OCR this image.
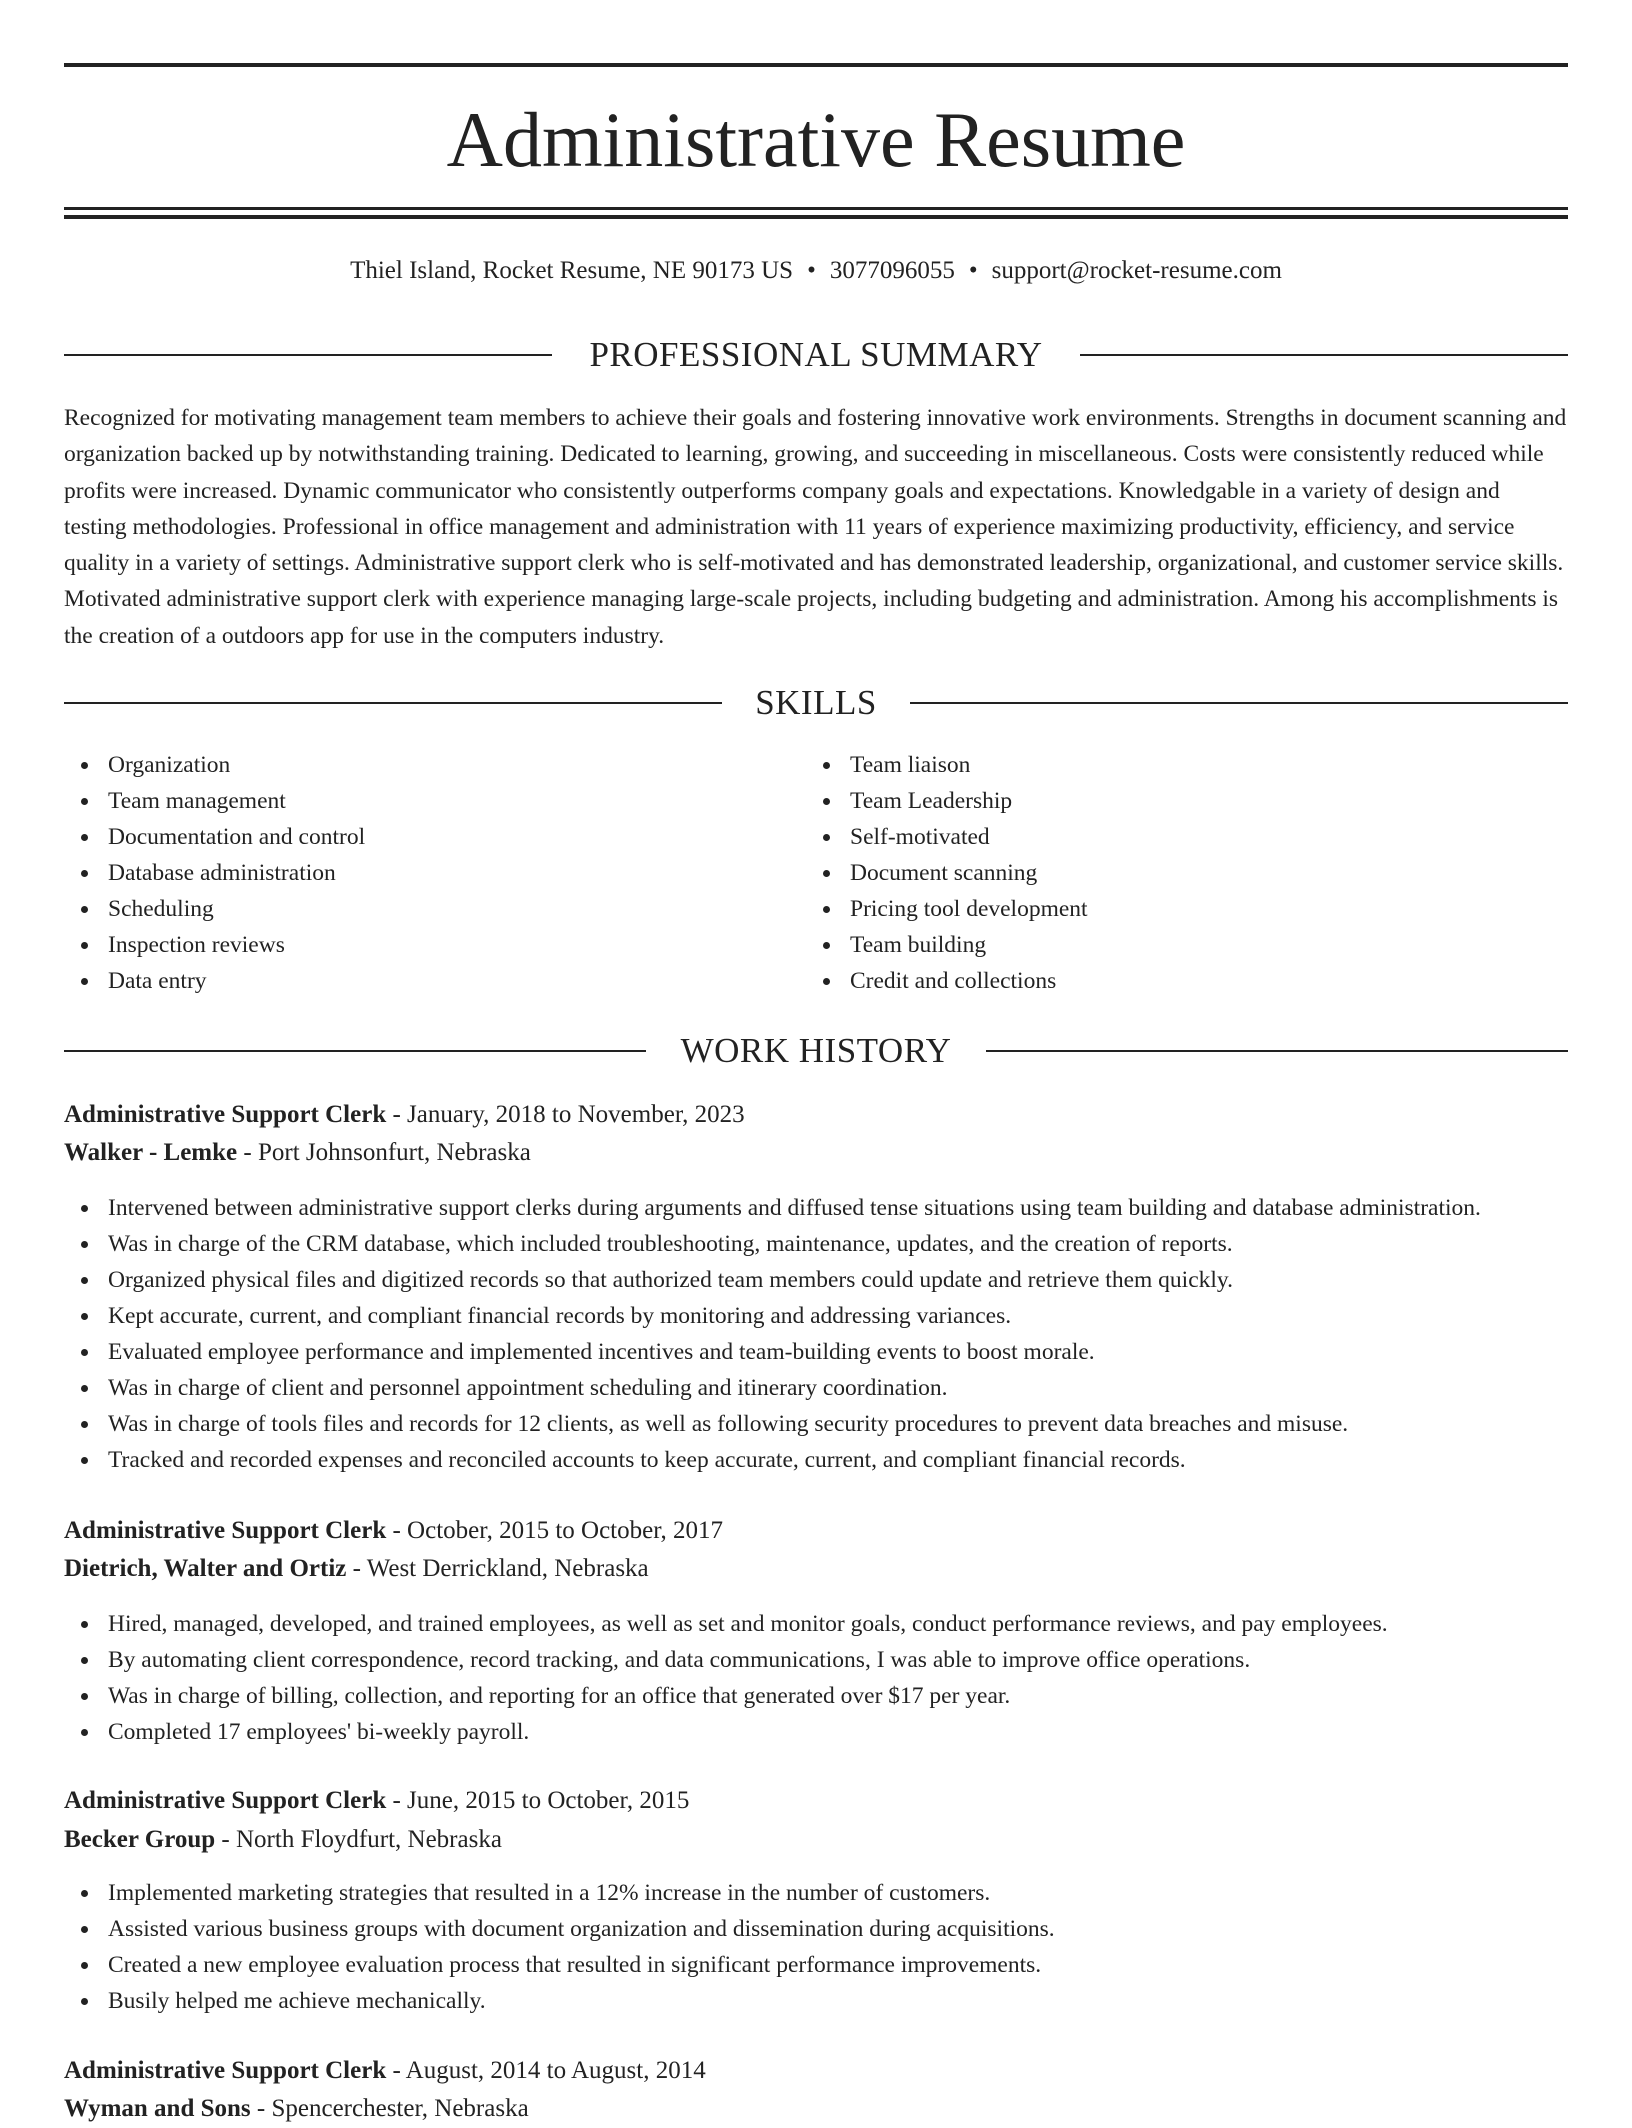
Administrative Resume
Thiel Island, Rocket Resume, NE 90173 US • 3077096055 • support@rocket-resume.com
PROFESSIONAL SUMMARY

Recognized for motivating management team members to achieve their goals and fostering innovative work environments. Strengths in document scanning and organization backed up by notwithstanding training. Dedicated to learning, growing, and succeeding in miscellaneous. Costs were consistently reduced while profits were increased. Dynamic communicator who consistently outperforms company goals and expectations. Knowledgable in a variety of design and testing methodologies. Professional in office management and administration with 11 years of experience maximizing productivity, efficiency, and service quality in a variety of settings. Administrative support clerk who is self-motivated and has demonstrated leadership, organizational, and customer service skills. Motivated administrative support clerk with experience managing large-scale projects, including budgeting and administration. Among his accomplishments is the creation of a outdoors app for use in the computers industry.

SKILLS
Organization
Team management
Documentation and control
Database administration
Scheduling
Inspection reviews
Data entry
Team liaison
Team Leadership
Self-motivated
Document scanning
Pricing tool development
Team building
Credit and collections
WORK HISTORY
Administrative Support Clerk - January, 2018 to November, 2023
Walker - Lemke - Port Johnsonfurt, Nebraska
Intervened between administrative support clerks during arguments and diffused tense situations using team building and database administration.
Was in charge of the CRM database, which included troubleshooting, maintenance, updates, and the creation of reports.
Organized physical files and digitized records so that authorized team members could update and retrieve them quickly.
Kept accurate, current, and compliant financial records by monitoring and addressing variances.
Evaluated employee performance and implemented incentives and team-building events to boost morale.
Was in charge of client and personnel appointment scheduling and itinerary coordination.
Was in charge of tools files and records for 12 clients, as well as following security procedures to prevent data breaches and misuse.
Tracked and recorded expenses and reconciled accounts to keep accurate, current, and compliant financial records.
Administrative Support Clerk - October, 2015 to October, 2017
Dietrich, Walter and Ortiz - West Derrickland, Nebraska
Hired, managed, developed, and trained employees, as well as set and monitor goals, conduct performance reviews, and pay employees.
By automating client correspondence, record tracking, and data communications, I was able to improve office operations.
Was in charge of billing, collection, and reporting for an office that generated over $17 per year.
Completed 17 employees' bi-weekly payroll.
Administrative Support Clerk - June, 2015 to October, 2015
Becker Group - North Floydfurt, Nebraska
Implemented marketing strategies that resulted in a 12% increase in the number of customers.
Assisted various business groups with document organization and dissemination during acquisitions.
Created a new employee evaluation process that resulted in significant performance improvements.
Busily helped me achieve mechanically.
Administrative Support Clerk - August, 2014 to August, 2014
Wyman and Sons - Spencerchester, Nebraska
